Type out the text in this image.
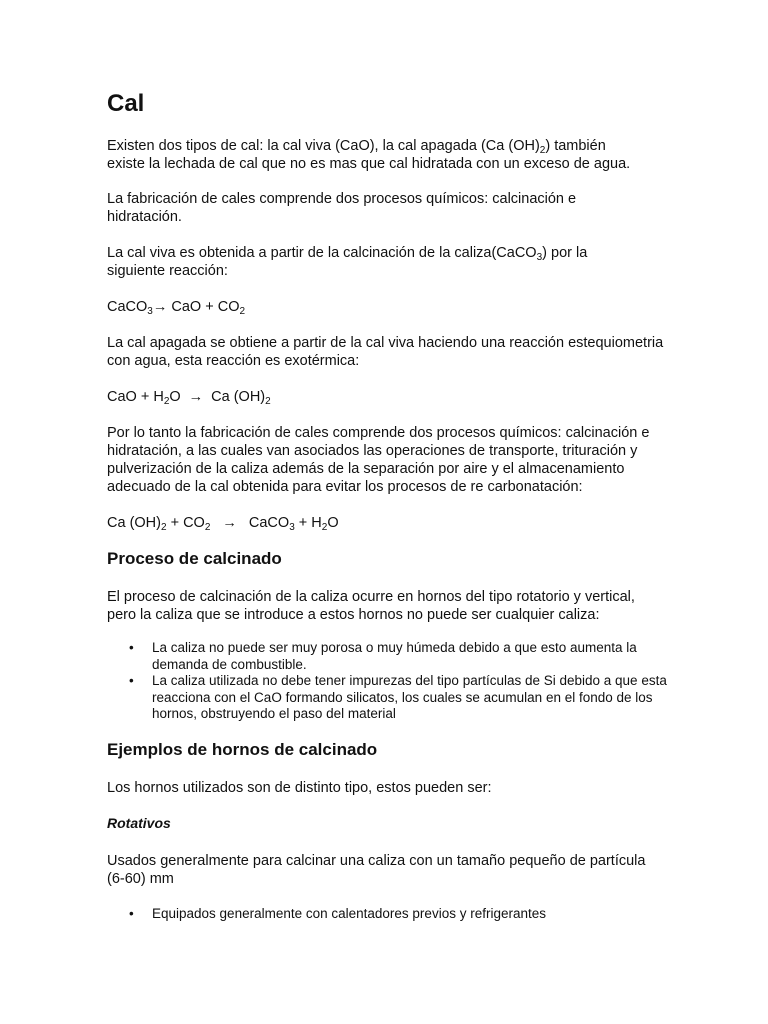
Cal

Existen dos tipos de cal: la cal viva (CaO), la cal apagada (Ca $(OH)_2$) también
existe la lechada de cal que no es mas que cal hidratada con un exceso de agua.

La fabricación de cales comprende dos procesos químicos: calcinación e hidratación.

La cal viva es obtenida a partir de la calcinación de la caliza(CaCO$_3$) por la
siguiente reacción:

CaCO$_3$→ CaO + $CO_2$

La cal apagada se obtiene a partir de la cal viva haciendo una reacción estequiometria con agua, esta reacción es exotérmica:

CaO + $H_2O \to Ca$ $(OH)_2$

Por lo tanto la fabricación de cales comprende dos procesos químicos: calcinación e hidratación, a las cuales van asociados las operaciones de transporte, trituración y pulverización de la caliza además de la separación por aire y el almacenamiento adecuado de la cal obtenida para evitar los procesos de re carbonatación:

Ca $(OH)_2 + CO_2$ → CaCO$_3$ + $H_2O$

Proceso de calcinado

El proceso de calcinación de la caliza ocurre en hornos del tipo rotatorio y vertical, pero la caliza que se introduce a estos hornos no puede ser cualquier caliza:

• La caliza no puede ser muy porosa o muy húmeda debido a que esto aumenta la demanda de combustible.
• La caliza utilizada no debe tener impurezas del tipo partículas de Si debido a que esta reacciona con el CaO formando silicatos, los cuales se acumulan en el fondo de los hornos, obstruyendo el paso del material
Ejemplos de hornos de calcinado

Los hornos utilizados son de distinto tipo, estos pueden ser:

Rotativos

Usados generalmente para calcinar una caliza con un tamaño pequeño de partícula (6-60) mm

• Equipados generalmente con calentadores previos y refrigerantes
